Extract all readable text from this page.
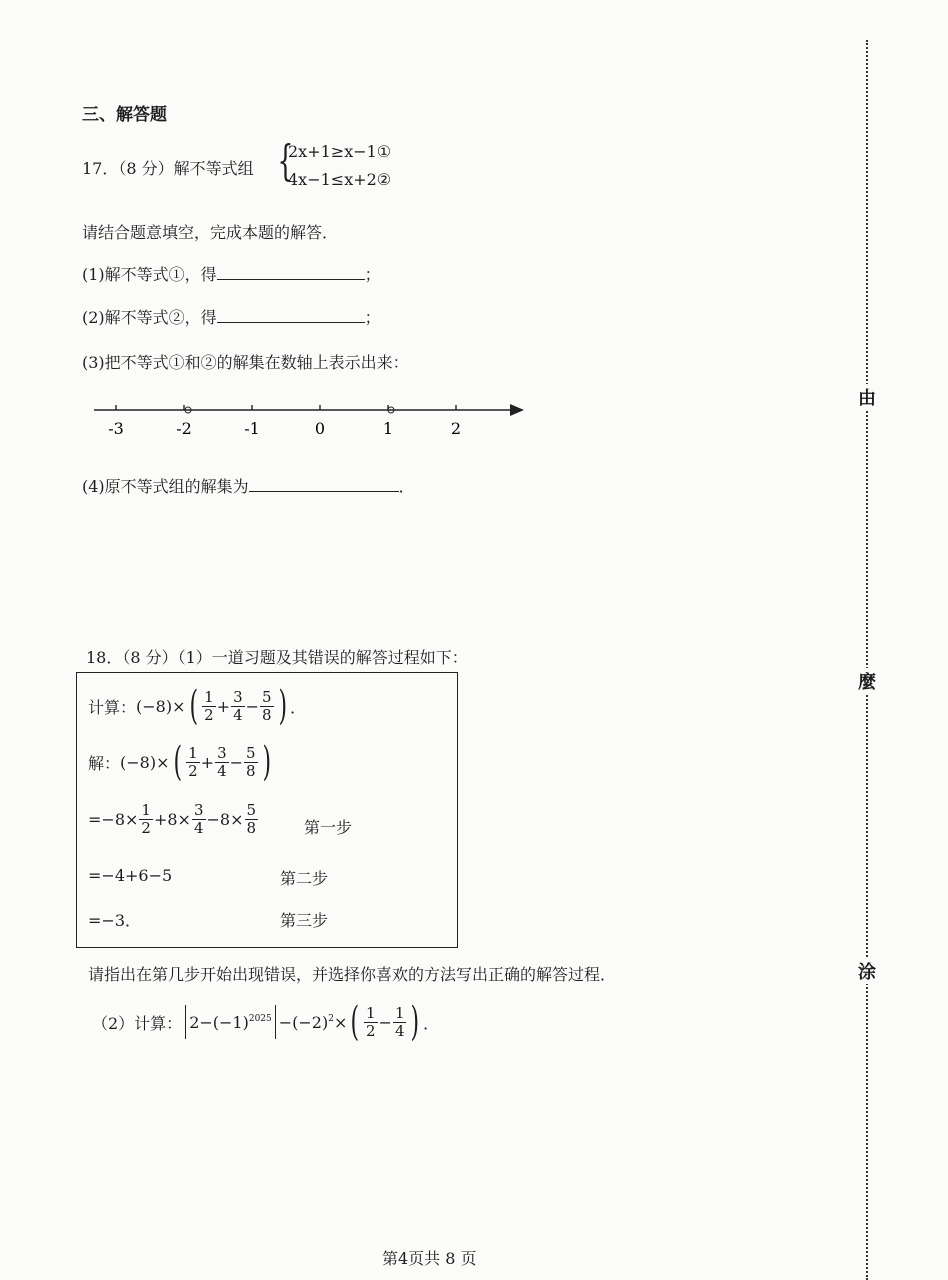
三、解答题
17．（8 分）解不等式组 {
2x+1≥x−1①
4x−1≤x+2②
请结合题意填空，完成本题的解答．
(1)解不等式①，得	；
(2)解不等式②，得	；
(3)把不等式①和②的解集在数轴上表示出来：
-3	-2	-1	0	1	2
(4)原不等式组的解集为	．
18．（8 分）（1）一道习题及其错误的解答过程如下：
计算： (−8)× ( $\frac{1}{2} + \frac{3}{4} - \frac{5}{8}$ ) ．
解： (−8)× ( $\frac{1}{2} + \frac{3}{4} - \frac{5}{8}$ )
$=-8\times \frac{1}{2} +8\times \frac{3}{4} -8\times \frac{5}{8}$	第一步
=−4+6−5	第二步
=−3．	第三步
请指出在第几步开始出现错误，并选择你喜欢的方法写出正确的解答过程．
（2）计算： 2−(−1) 2025 −(−2) 2 × ( $\frac{1}{2} - \frac{1}{4}$ ) ．
由
麼
涂
第4页共 8 页
